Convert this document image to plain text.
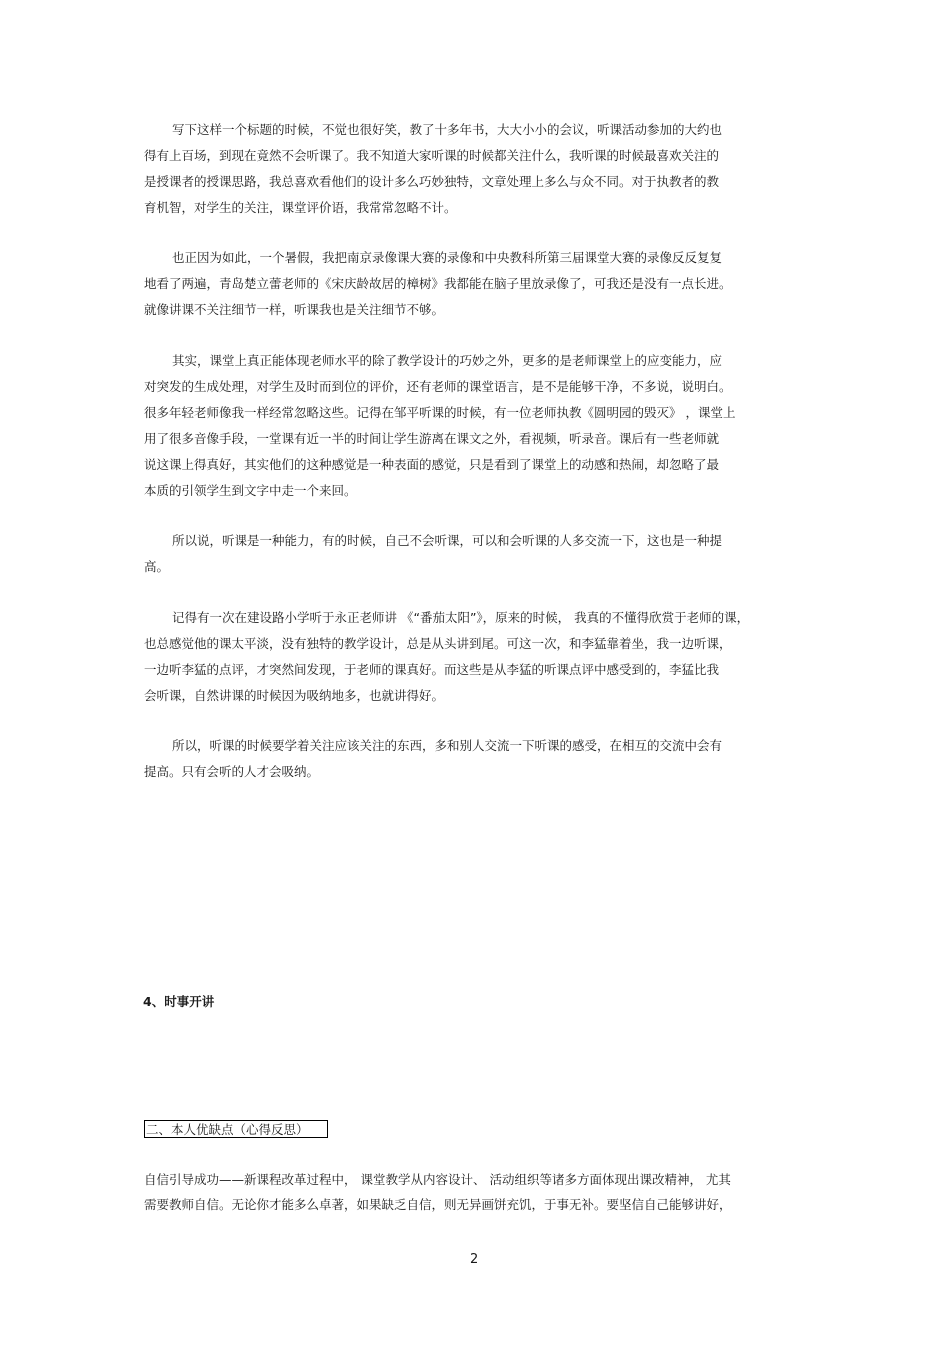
写下这样一个标题的时候，不觉也很好笑，教了十多年书，大大小小的会议，听课活动参加的大约也
得有上百场，到现在竟然不会听课了。我不知道大家听课的时候都关注什么，我听课的时候最喜欢关注的
是授课者的授课思路，我总喜欢看他们的设计多么巧妙独特，文章处理上多么与众不同。对于执教者的教
育机智，对学生的关注，课堂评价语，我常常忽略不计。
也正因为如此，一个暑假，我把南京录像课大赛的录像和中央教科所第三届课堂大赛的录像反反复复
地看了两遍，青岛楚立蕾老师的《宋庆龄故居的樟树》我都能在脑子里放录像了，可我还是没有一点长进。
就像讲课不关注细节一样，听课我也是关注细节不够。
其实，课堂上真正能体现老师水平的除了教学设计的巧妙之外，更多的是老师课堂上的应变能力，应
对突发的生成处理，对学生及时而到位的评价，还有老师的课堂语言，是不是能够干净，不多说，说明白。
很多年轻老师像我一样经常忽略这些。记得在邹平听课的时候，有一位老师执教《圆明园的毁灭》 ，课堂上
用了很多音像手段，一堂课有近一半的时间让学生游离在课文之外，看视频，听录音。课后有一些老师就
说这课上得真好，其实他们的这种感觉是一种表面的感觉，只是看到了课堂上的动感和热闹，却忽略了最
本质的引领学生到文字中走一个来回。
所以说，听课是一种能力，有的时候，自己不会听课，可以和会听课的人多交流一下，这也是一种提
高。
记得有一次在建设路小学听于永正老师讲 《“番茄太阳”》，原来的时候， 我真的不懂得欣赏于老师的课，
也总感觉他的课太平淡，没有独特的教学设计，总是从头讲到尾。可这一次，和李猛靠着坐，我一边听课，
一边听李猛的点评，才突然间发现，于老师的课真好。而这些是从李猛的听课点评中感受到的，李猛比我
会听课，自然讲课的时候因为吸纳地多，也就讲得好。
所以，听课的时候要学着关注应该关注的东西，多和别人交流一下听课的感受，在相互的交流中会有
提高。只有会听的人才会吸纳。
4、时事开讲
二、本人优缺点（心得反思）
自信引导成功——新课程改革过程中， 课堂教学从内容设计、 活动组织等诸多方面体现出课改精神， 尤其
需要教师自信。无论你才能多么卓著，如果缺乏自信，则无异画饼充饥，于事无补。要坚信自己能够讲好，
2
